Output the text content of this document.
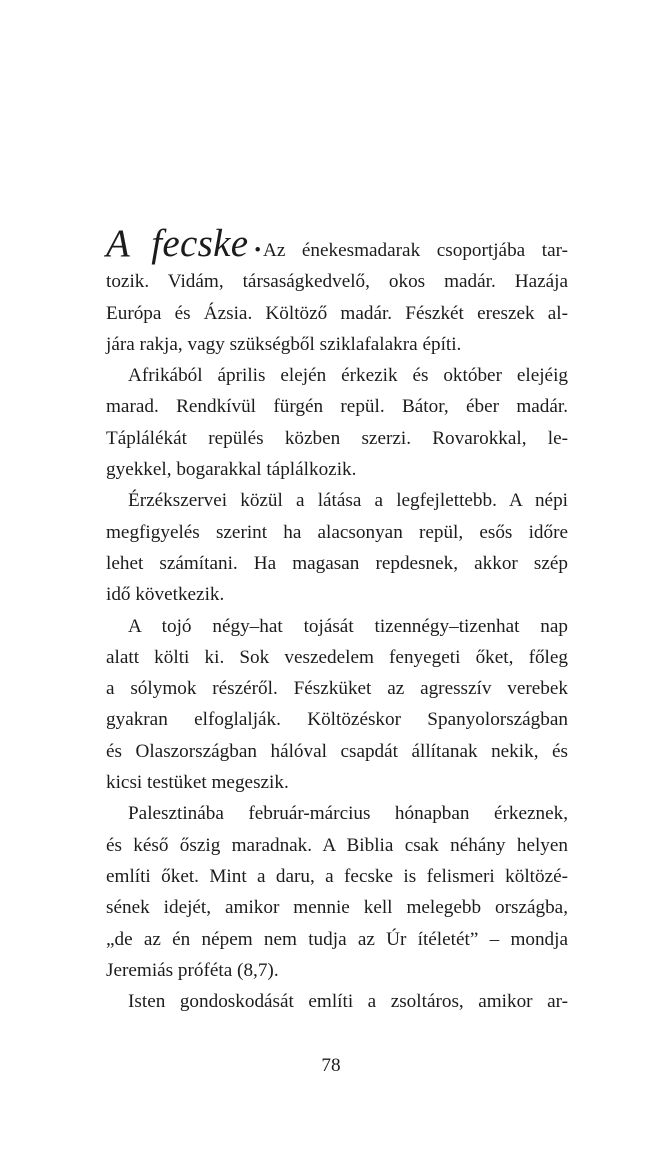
A fecske • Az énekesmadarak csoportjába tar-
tozik. Vidám, társaságkedvelő, okos madár. Hazája
Európa és Ázsia. Költöző madár. Fészkét ereszek al-
jára rakja, vagy szükségből sziklafalakra építi.

Afrikából április elején érkezik és október elejéig
marad. Rendkívül fürgén repül. Bátor, éber madár.
Táplálékát repülés közben szerzi. Rovarokkal, le-
gyekkel, bogarakkal táplálkozik.

Érzékszervei közül a látása a legfejlettebb. A népi
megfigyelés szerint ha alacsonyan repül, esős időre
lehet számítani. Ha magasan repdesnek, akkor szép
idő következik.

A tojó négy–hat tojását tizennégy–tizenhat nap
alatt költi ki. Sok veszedelem fenyegeti őket, főleg
a sólymok részéről. Fészküket az agresszív verebek
gyakran elfoglalják. Költözéskor Spanyolországban
és Olaszországban hálóval csapdát állítanak nekik, és
kicsi testüket megeszik.

Palesztinába február-március hónapban érkeznek,
és késő őszig maradnak. A Biblia csak néhány helyen
említi őket. Mint a daru, a fecske is felismeri költözé-
sének idejét, amikor mennie kell melegebb országba,
„de az én népem nem tudja az Úr ítéletét” – mondja
Jeremiás próféta (8,7).

Isten gondoskodását említi a zsoltáros, amikor ar-

78
